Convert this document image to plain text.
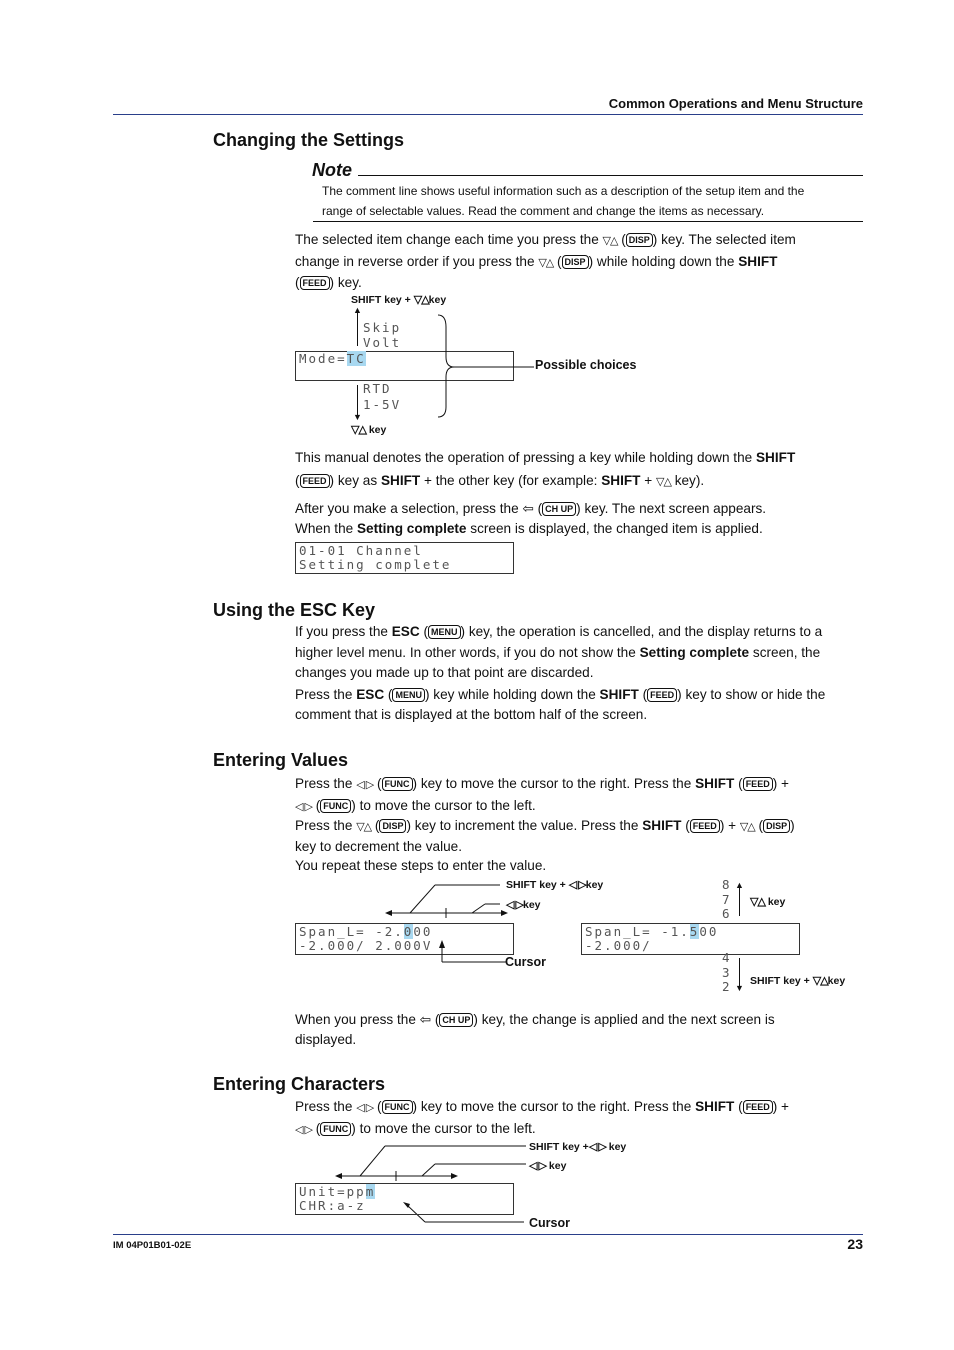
Common Operations and Menu Structure
Changing the Settings
Note
The comment line shows useful information such as a description of the setup item and the
range of selectable values. Read the comment and change the items as necessary.
The selected item change each time you press the ▽△ ( DISP ) key. The selected item
change in reverse order if you press the ▽△ ( DISP ) while holding down the SHIFT
( FEED ) key.
SHIFT key + ▽△key
▲
Skip
Volt
Mode=TC
RTD
1-5V
▼
▽△ key
Possible choices
This manual denotes the operation of pressing a key while holding down the SHIFT
( FEED ) key as SHIFT + the other key (for example: SHIFT + ▽△ key).
After you make a selection, press the ⇦ ( CH UP ) key. The next screen appears.
When the Setting complete screen is displayed, the changed item is applied.
01-01 Channel
Setting complete
Using the ESC Key
If you press the ESC ( MENU ) key, the operation is cancelled, and the display returns to a
higher level menu. In other words, if you do not show the Setting complete screen, the
changes you made up to that point are discarded.
Press the ESC ( MENU ) key while holding down the SHIFT ( FEED ) key to show or hide the
comment that is displayed at the bottom half of the screen.
Entering Values
Press the ◁ ▷ ( FUNC ) key to move the cursor to the right. Press the SHIFT ( FEED ) +
◁ ▷ ( FUNC ) to move the cursor to the left.
Press the ▽△ ( DISP ) key to increment the value. Press the SHIFT ( FEED ) + ▽△ ( DISP )
key to decrement the value.
You repeat these steps to enter the value.
SHIFT key + ◁ ▷key
◁ ▷key
Span_L= -2.000
-2.000/ 2.000V
Cursor
8
7
6
▲
▽△ key
Span_L= -1.500
-2.000/
4
3
2 ▼
SHIFT key + ▽△key
When you press the ⇦ ( CH UP ) key, the change is applied and the next screen is
displayed.
Entering Characters
Press the ◁ ▷ ( FUNC ) key to move the cursor to the right. Press the SHIFT ( FEED ) +
◁ ▷ ( FUNC ) to move the cursor to the left.
SHIFT key +◁ ▷ key
◁ ▷ key
Unit=ppm
CHR:a-z
Cursor
IM 04P01B01-02E	23
